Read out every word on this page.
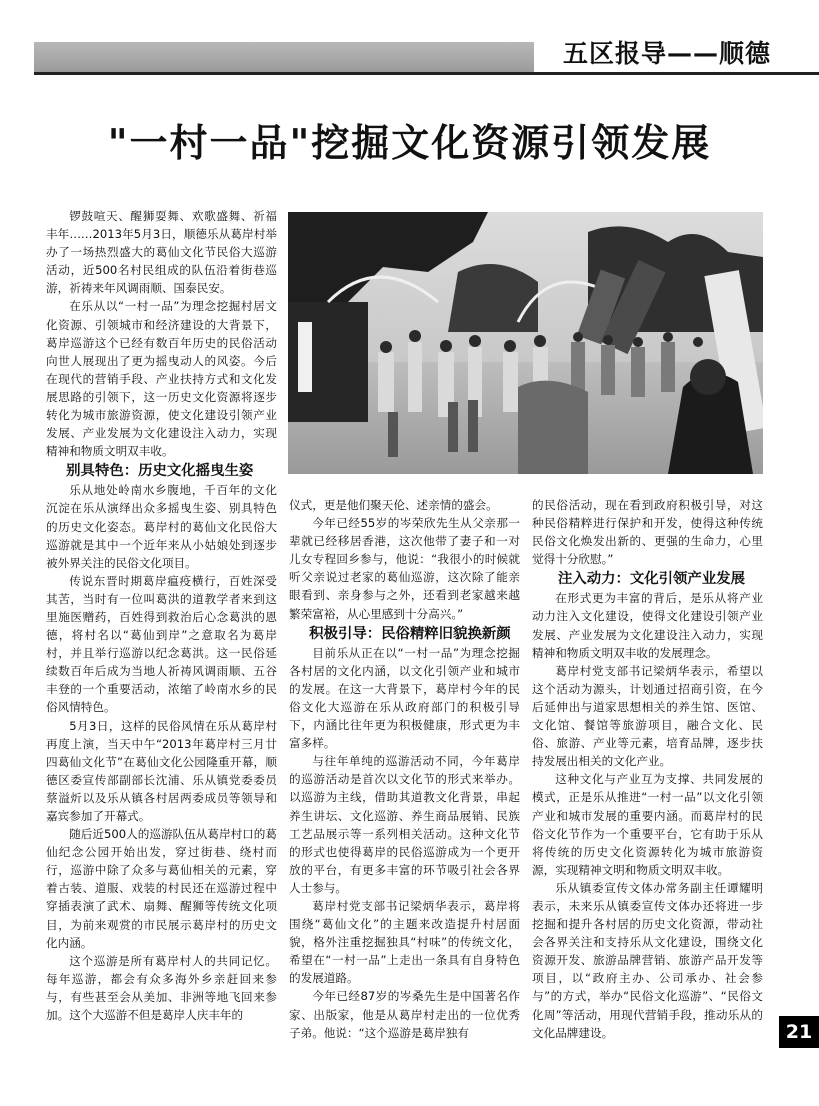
五区报导——顺德
"一村一品"挖掘文化资源引领发展

锣鼓喧天、醒狮耍舞、欢歌盛舞、祈福丰年……2013年5月3日，顺德乐从葛岸村举办了一场热烈盛大的葛仙文化节民俗大巡游活动，近500名村民组成的队伍沿着街巷巡游，祈祷来年风调雨顺、国泰民安。

在乐从以“一村一品”为理念挖掘村居文化资源、引领城市和经济建设的大背景下，葛岸巡游这个已经有数百年历史的民俗活动向世人展现出了更为摇曳动人的风姿。今后在现代的营销手段、产业扶持方式和文化发展思路的引领下，这一历史文化资源将逐步转化为城市旅游资源，使文化建设引领产业发展、产业发展为文化建设注入动力，实现精神和物质文明双丰收。

别具特色：历史文化摇曳生姿

乐从地处岭南水乡腹地，千百年的文化沉淀在乐从演绎出众多摇曳生姿、别具特色的历史文化姿态。葛岸村的葛仙文化民俗大巡游就是其中一个近年来从小姑娘处到逐步被外界关注的民俗文化项目。

传说东晋时期葛岸瘟疫横行，百姓深受其苦，当时有一位叫葛洪的道教学者来到这里施医赠药，百姓得到救治后心念葛洪的恩德，将村名以“葛仙到岸”之意取名为葛岸村，并且举行巡游以纪念葛洪。这一民俗延续数百年后成为当地人祈祷风调雨顺、五谷丰登的一个重要活动，浓缩了岭南水乡的民俗风情特色。

5月3日，这样的民俗风情在乐从葛岸村再度上演，当天中午“2013年葛岸村三月廿四葛仙文化节”在葛仙文化公园隆重开幕，顺德区委宣传部副部长沈浦、乐从镇党委委员蔡溢炘以及乐从镇各村居两委成员等领导和嘉宾参加了开幕式。

随后近500人的巡游队伍从葛岸村口的葛仙纪念公园开始出发，穿过街巷、绕村而行，巡游中除了众多与葛仙相关的元素，穿着古装、道服、戏装的村民还在巡游过程中穿插表演了武术、扇舞、醒狮等传统文化项目，为前来观赏的市民展示葛岸村的历史文化内涵。

这个巡游是所有葛岸村人的共同记忆。每年巡游，都会有众多海外乡亲赶回来参与，有些甚至会从美加、非洲等地飞回来参加。这个大巡游不但是葛岸人庆丰年的

仪式，更是他们聚天伦、述亲情的盛会。

今年已经55岁的岑荣欣先生从父亲那一辈就已经移居香港，这次他带了妻子和一对儿女专程回乡参与，他说：“我很小的时候就听父亲说过老家的葛仙巡游，这次除了能亲眼看到、亲身参与之外，还看到老家越来越繁荣富裕，从心里感到十分高兴。”

积极引导：民俗精粹旧貌换新颜

目前乐从正在以“一村一品”为理念挖掘各村居的文化内涵，以文化引领产业和城市的发展。在这一大背景下，葛岸村今年的民俗文化大巡游在乐从政府部门的积极引导下，内涵比往年更为积极健康，形式更为丰富多样。

与往年单纯的巡游活动不同，今年葛岸的巡游活动是首次以文化节的形式来举办。以巡游为主线，借助其道教文化背景，串起养生讲坛、文化巡游、养生商品展销、民族工艺品展示等一系列相关活动。这种文化节的形式也使得葛岸的民俗巡游成为一个更开放的平台，有更多丰富的环节吸引社会各界人士参与。

葛岸村党支部书记梁炳华表示，葛岸将围绕“葛仙文化”的主题来改造提升村居面貌，格外注重挖掘独具“村味”的传统文化，希望在“一村一品”上走出一条具有自身特色的发展道路。

今年已经87岁的岑桑先生是中国著名作家、出版家，他是从葛岸村走出的一位优秀子弟。他说：“这个巡游是葛岸独有

的民俗活动，现在看到政府积极引导，对这种民俗精粹进行保护和开发，使得这种传统民俗文化焕发出新的、更强的生命力，心里觉得十分欣慰。”

注入动力：文化引领产业发展

在形式更为丰富的背后，是乐从将产业动力注入文化建设，使得文化建设引领产业发展、产业发展为文化建设注入动力，实现精神和物质文明双丰收的发展理念。

葛岸村党支部书记梁炳华表示，希望以这个活动为源头，计划通过招商引资，在今后延伸出与道家思想相关的养生馆、医馆、文化馆、餐馆等旅游项目，融合文化、民俗、旅游、产业等元素，培育品牌，逐步扶持发展出相关的文化产业。

这种文化与产业互为支撑、共同发展的模式，正是乐从推进“一村一品”以文化引领产业和城市发展的重要内涵。而葛岸村的民俗文化节作为一个重要平台，它有助于乐从将传统的历史文化资源转化为城市旅游资源，实现精神文明和物质文明双丰收。

乐从镇委宣传文体办常务副主任谭耀明表示，未来乐从镇委宣传文体办还将进一步挖掘和提升各村居的历史文化资源，带动社会各界关注和支持乐从文化建设，围绕文化资源开发、旅游品牌营销、旅游产品开发等项目，以“政府主办、公司承办、社会参与”的方式，举办“民俗文化巡游”、“民俗文化周”等活动，用现代营销手段，推动乐从的文化品牌建设。	21
